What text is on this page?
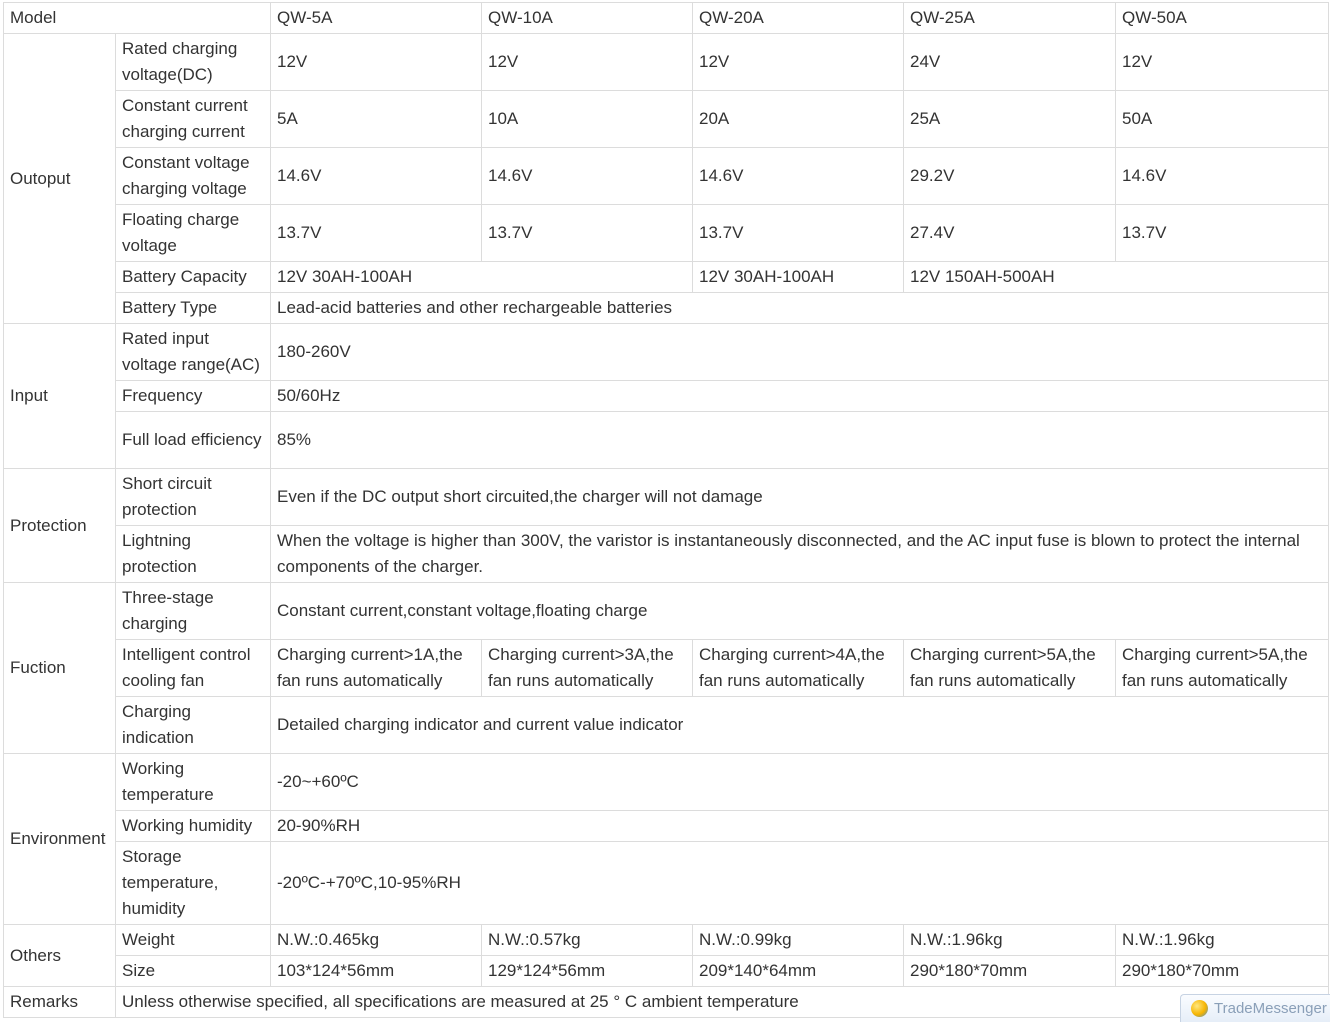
Model		QW-5A	QW-10A	QW-20A	QW-25A	QW-50A
Outoput	Rated charging voltage(DC)	12V	12V	12V	24V	12V
	Constant current charging current	5A	10A	20A	25A	50A
	Constant voltage charging voltage	14.6V	14.6V	14.6V	29.2V	14.6V
	Floating charge voltage	13.7V	13.7V	13.7V	27.4V	13.7V
	Battery Capacity	12V 30AH-100AH		12V 30AH-100AH	12V 150AH-500AH	
	Battery Type	Lead-acid batteries and other rechargeable batteries				
Input	Rated input voltage range(AC)	180-260V				
	Frequency	50/60Hz				
	Full load efficiency	85%				
Protection	Short circuit protection	Even if the DC output short circuited,the charger will not damage				
	Lightning protection	When the voltage is higher than 300V, the varistor is instantaneously disconnected, and the AC input fuse is blown to protect the internal components of the charger.				
Fuction	Three-stage charging	Constant current,constant voltage,floating charge				
	Intelligent control cooling fan	Charging current>1A,the fan runs automatically	Charging current>3A,the fan runs automatically	Charging current>4A,the fan runs automatically	Charging current>5A,the fan runs automatically	Charging current>5A,the fan runs automatically
	Charging indication	Detailed charging indicator and current value indicator				
Environment	Working temperature	-20~+60ºC				
	Working humidity	20-90%RH				
	Storage temperature, humidity	-20ºC-+70ºC,10-95%RH				
Others	Weight	N.W.:0.465kg	N.W.:0.57kg	N.W.:0.99kg	N.W.:1.96kg	N.W.:1.96kg
	Size	103*124*56mm	129*124*56mm	209*140*64mm	290*180*70mm	290*180*70mm
Remarks	Unless otherwise specified, all specifications are measured at 25 ° C ambient temperature						TradeMessenger
